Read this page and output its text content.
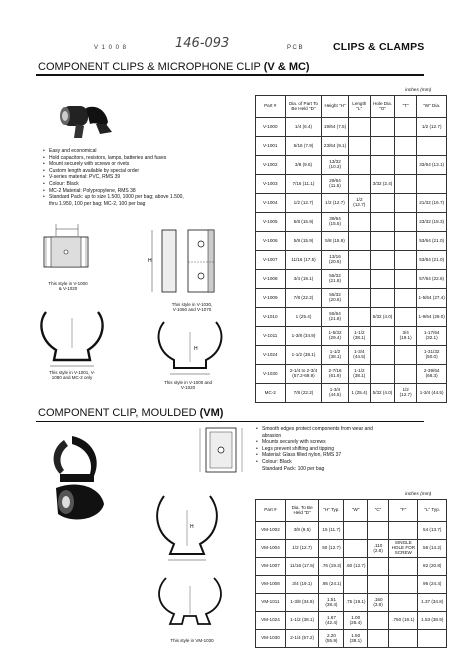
V 1 0 0 8	146-093	P C B	CLIPS & CLAMPS
COMPONENT CLIPS & MICROPHONE CLIP (V & MC)
inches (mm)
• Easy and economical
• Hold capacitors, resistors, lamps, batteries and fuses
• Mount securely with screws or rivets
• Custom length available by special order
• V-series material: PVC, RMS 39
• Colour: Black
• MC-2 Material: Polypropylene, RMS 38
• Standard Pack: up to size 1.500, 1000 per bag; above 1.500,
thru 1.950, 100 per bag; MC-2, 100 per bag
This style in V-1000 & V-1020
H
This style in V-1030, V-1060 and V-1070
This style in V-1001, V-1080 and MC-2 only
H
This style in V-1000 and V-1020
Part #	Dia. of Part To Be Held "D"	Height "H"	Length "L"	Hole Dia. "O"	"T"	"W" Dia.
V-1000	1/4 (6.4)	19/64 (7.5)				1/2 (12.7)
V-1001	5/16 (7.9)	23/64 (9.1)				
V-1002	3/8 (9.5)	13/32 (10.3)				33/64 (13.1)
V-1003	7/16 (11.1)	29/64 (11.5)		3/32 (2.4)		
V-1004	1/2 (12.7)	1/2 (12.7)	1/2 (12.7)			21/32 (16.7)
V-1005	5/8 (15.9)	39/64 (15.5)				23/32 (18.3)
V-1006	5/8 (15.9)	5/8 (15.9)				53/64 (21.0)
V-1007	11/16 (17.5)	13/16 (20.6)				53/64 (21.0)
V-1008	3/4 (19.1)	55/32 (21.8)				57/64 (22.6)
V-1009	7/8 (22.2)	55/32 (20.6)				1-5/64 (27.4)
V-1010	1 (25.4)	55/64 (21.8)		5/32 (4.0)		1-9/64 (29.0)
V-1011	1-3/8 (34.9)	1-5/32 (29.4)	1-1/2 (38.1)		3/4 (19.1)	1-17/64 (32.1)
V-1024	1-1/2 (38.1)	1-1/2 (38.1)	1-3/4 (44.5)			1-31/32 (50.0)
V-1030	2-1/4 to 2-3/4 (57.2-69.9)	2-7/16 (61.9)	1-1/2 (38.1)			2-39/64 (66.3)
MC-2	7/8 (22.2)	1-3/4 (44.5)	1 (25.4)	5/32 (4.0)	1/2 (12.7)	1-3/4 (44.5)
COMPONENT CLIP, MOULDED (VM)
• Smooth edges protect components from wear and
abrasion
• Mounts securely with screws
• Legs prevent shifting and tipping
• Material: Glass filled nylon, RMS 37
• Colour: Black
Standard Pack: 100 per bag
inches (mm)
H
This style in VM-1030
Part #	Dia. To Be Held "D"	"H" Typ.	"W"	"C"	"F"	"L" Typ.
VM-1002	3/8 (9.5)	15 (11.7)				54 (13.7)
VM-1004	1/2 (12.7)	50 (12.7)		.110 (2.8)	SINGLE HOLE FOR SCREW	56 (14.2)
VM-1007	11/16 (17.5)	.76 (19.3)	.50 (12.7)			82 (20.8)
VM-1008	3/4 (19.1)	.95 (24.1)				96 (24.4)
VM-1011	1-3/8 (34.9)	1.51 (38.4)	.75 (19.1)	.150 (3.8)		1.37 (34.8)
VM-1024	1-1/2 (38.1)	1.67 (42.4)	1.00 (25.4)		.750 (19.1)	1.53 (38.9)
VM-1030	2-1/4 (57.2)	2.20 (55.9)	1.50 (38.1)			
